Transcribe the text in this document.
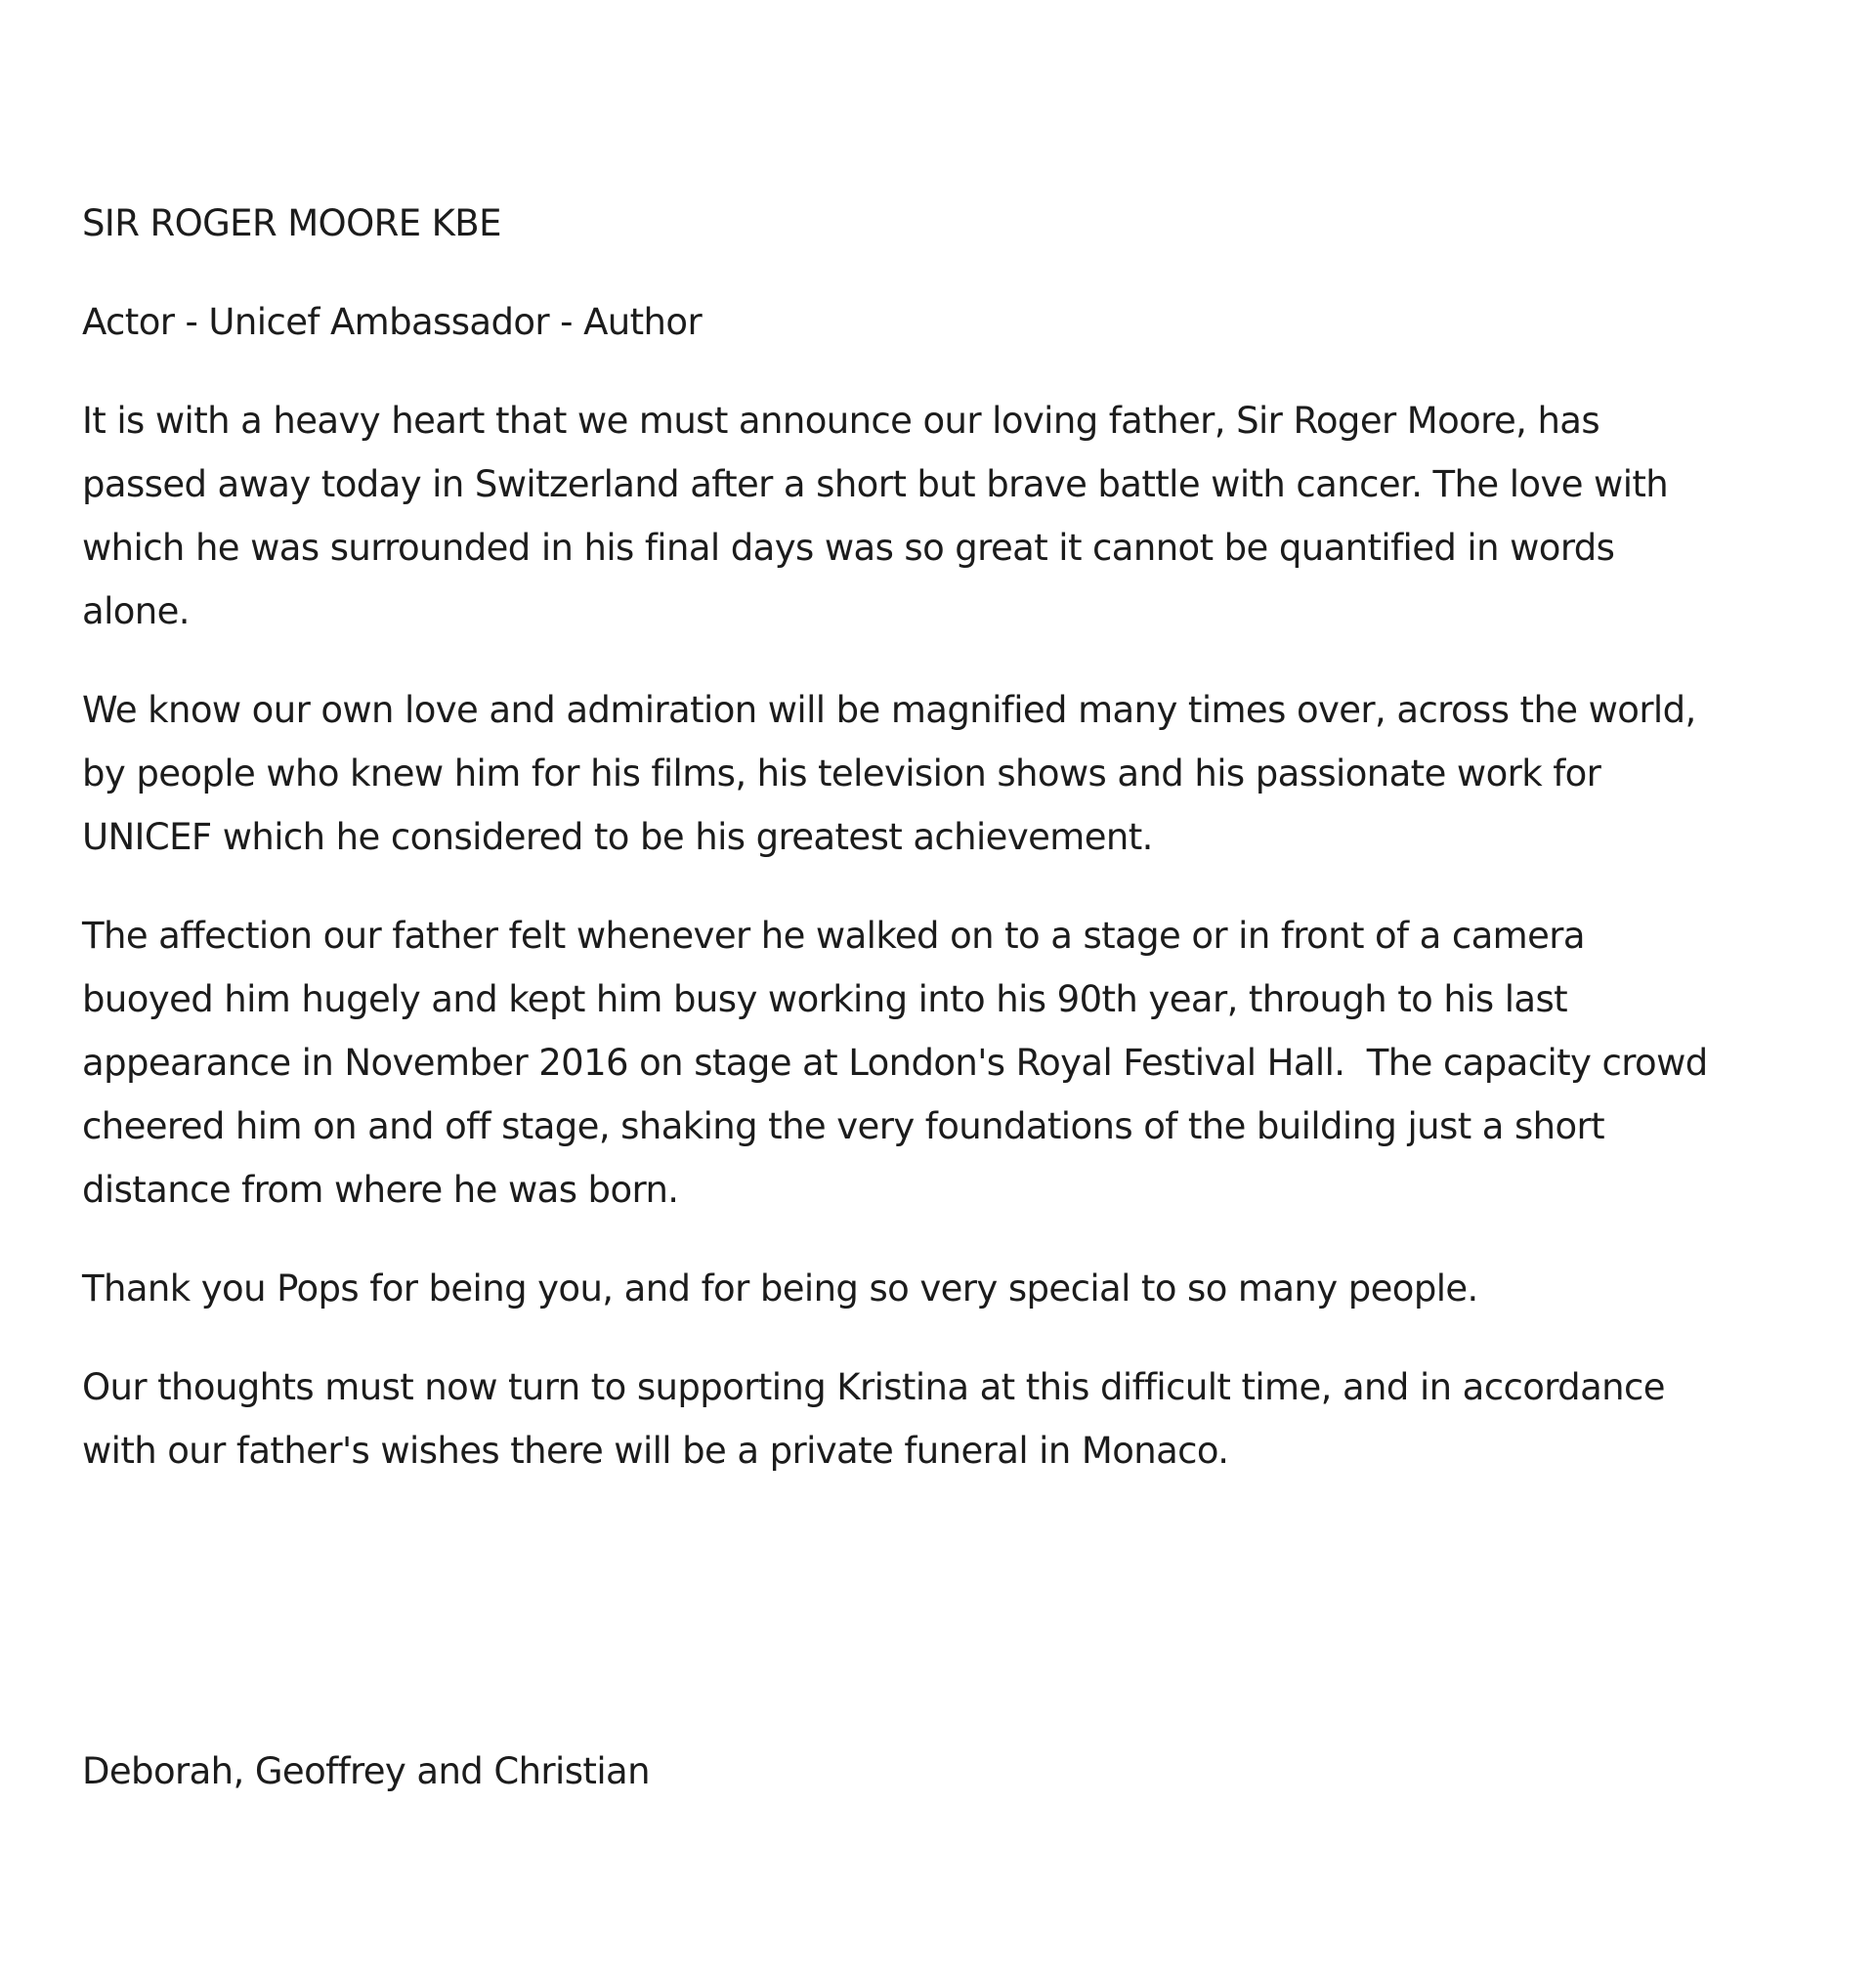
SIR ROGER MOORE KBE

Actor - Unicef Ambassador - Author

It is with a heavy heart that we must announce our loving father, Sir Roger Moore, has

passed away today in Switzerland after a short but brave battle with cancer. The love with

which he was surrounded in his final days was so great it cannot be quantified in words

alone.

We know our own love and admiration will be magnified many times over, across the world,

by people who knew him for his films, his television shows and his passionate work for

UNICEF which he considered to be his greatest achievement.

The affection our father felt whenever he walked on to a stage or in front of a camera

buoyed him hugely and kept him busy working into his 90th year, through to his last

appearance in November 2016 on stage at London's Royal Festival Hall.  The capacity crowd

cheered him on and off stage, shaking the very foundations of the building just a short

distance from where he was born.

Thank you Pops for being you, and for being so very special to so many people.

Our thoughts must now turn to supporting Kristina at this difficult time, and in accordance

with our father's wishes there will be a private funeral in Monaco.

Deborah, Geoffrey and Christian
